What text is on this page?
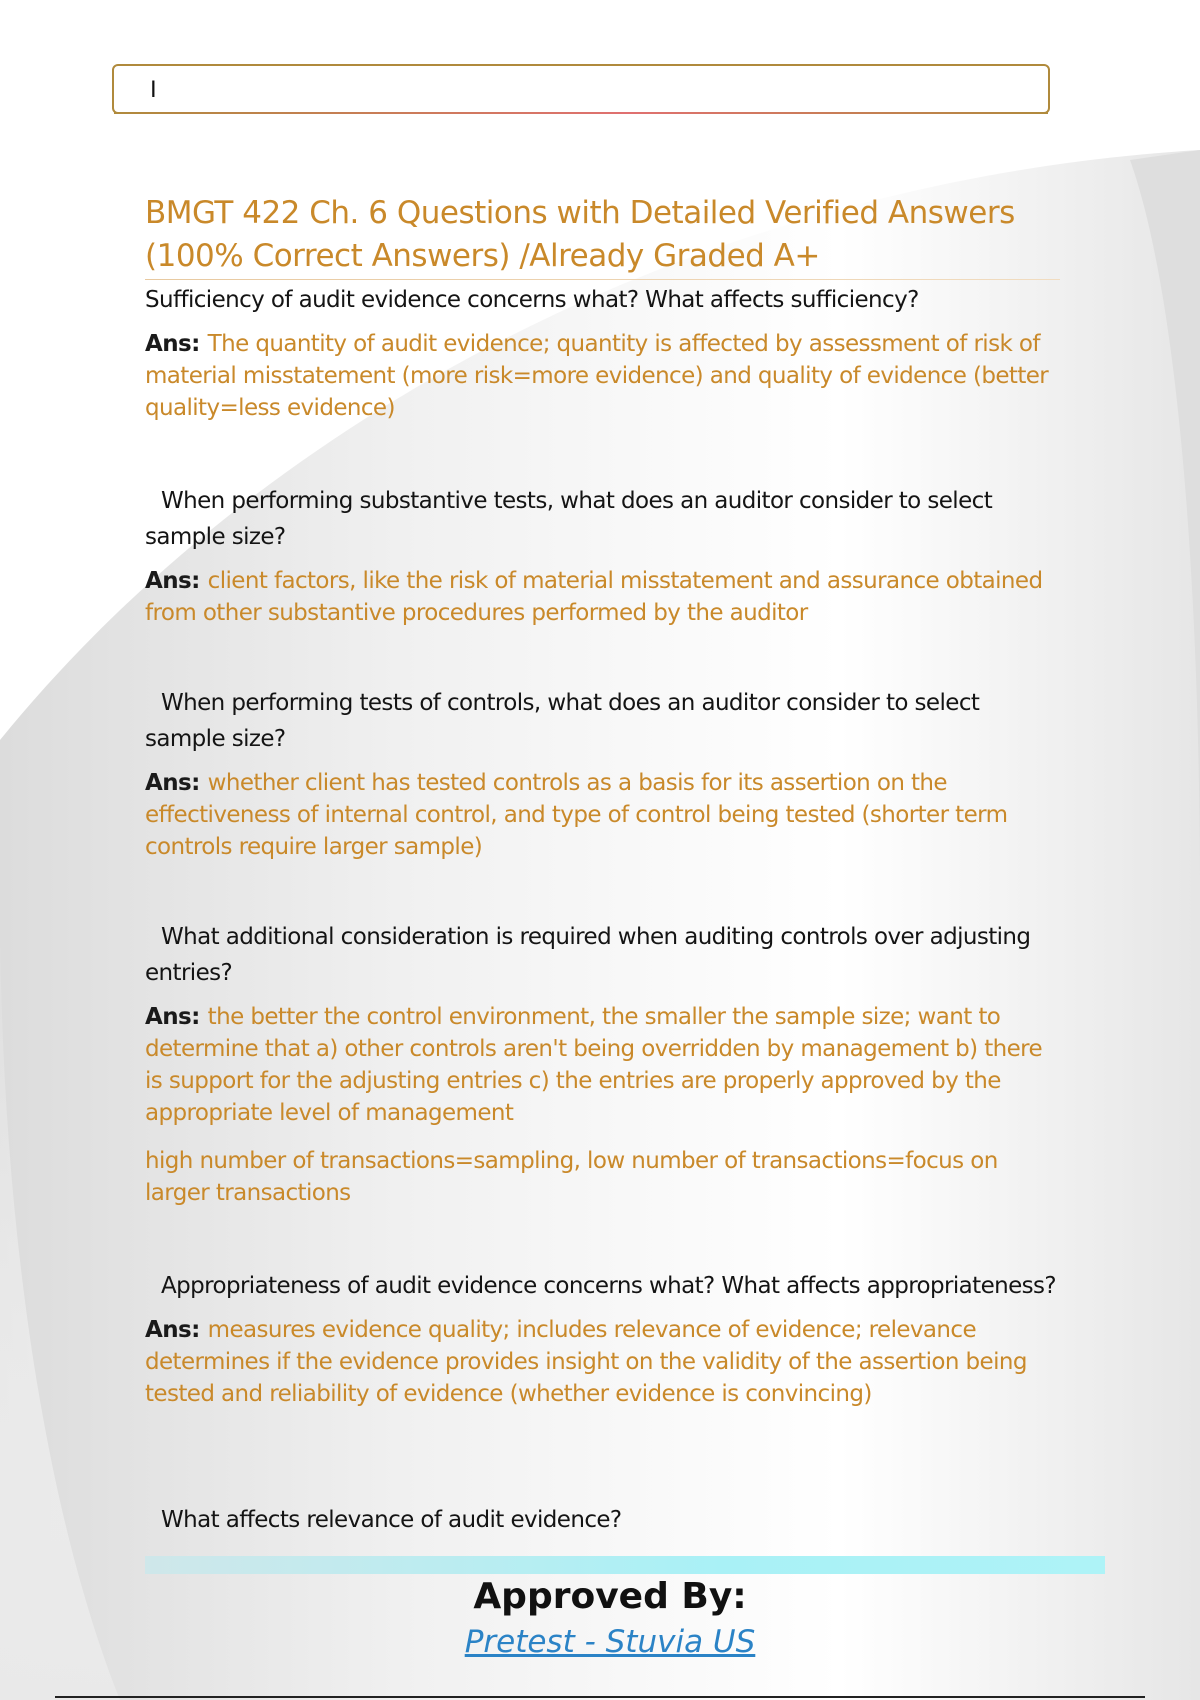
I
BMGT 422 Ch. 6 Questions with Detailed Verified Answers (100% Correct Answers) /Already Graded A+

Sufficiency of audit evidence concerns what? What affects sufficiency?

Ans: The quantity of audit evidence; quantity is affected by assessment of risk of material misstatement (more risk=more evidence) and quality of evidence (better quality=less evidence)

When performing substantive tests, what does an auditor consider to select sample size?

Ans: client factors, like the risk of material misstatement and assurance obtained from other substantive procedures performed by the auditor

When performing tests of controls, what does an auditor consider to select sample size?

Ans: whether client has tested controls as a basis for its assertion on the effectiveness of internal control, and type of control being tested (shorter term controls require larger sample)

What additional consideration is required when auditing controls over adjusting entries?

Ans: the better the control environment, the smaller the sample size; want to determine that a) other controls aren't being overridden by management b) there is support for the adjusting entries c) the entries are properly approved by the appropriate level of management

high number of transactions=sampling, low number of transactions=focus on larger transactions

Appropriateness of audit evidence concerns what? What affects appropriateness?

Ans: measures evidence quality; includes relevance of evidence; relevance determines if the evidence provides insight on the validity of the assertion being tested and reliability of evidence (whether evidence is convincing)

What affects relevance of audit evidence?

Approved By:

Pretest - Stuvia US
